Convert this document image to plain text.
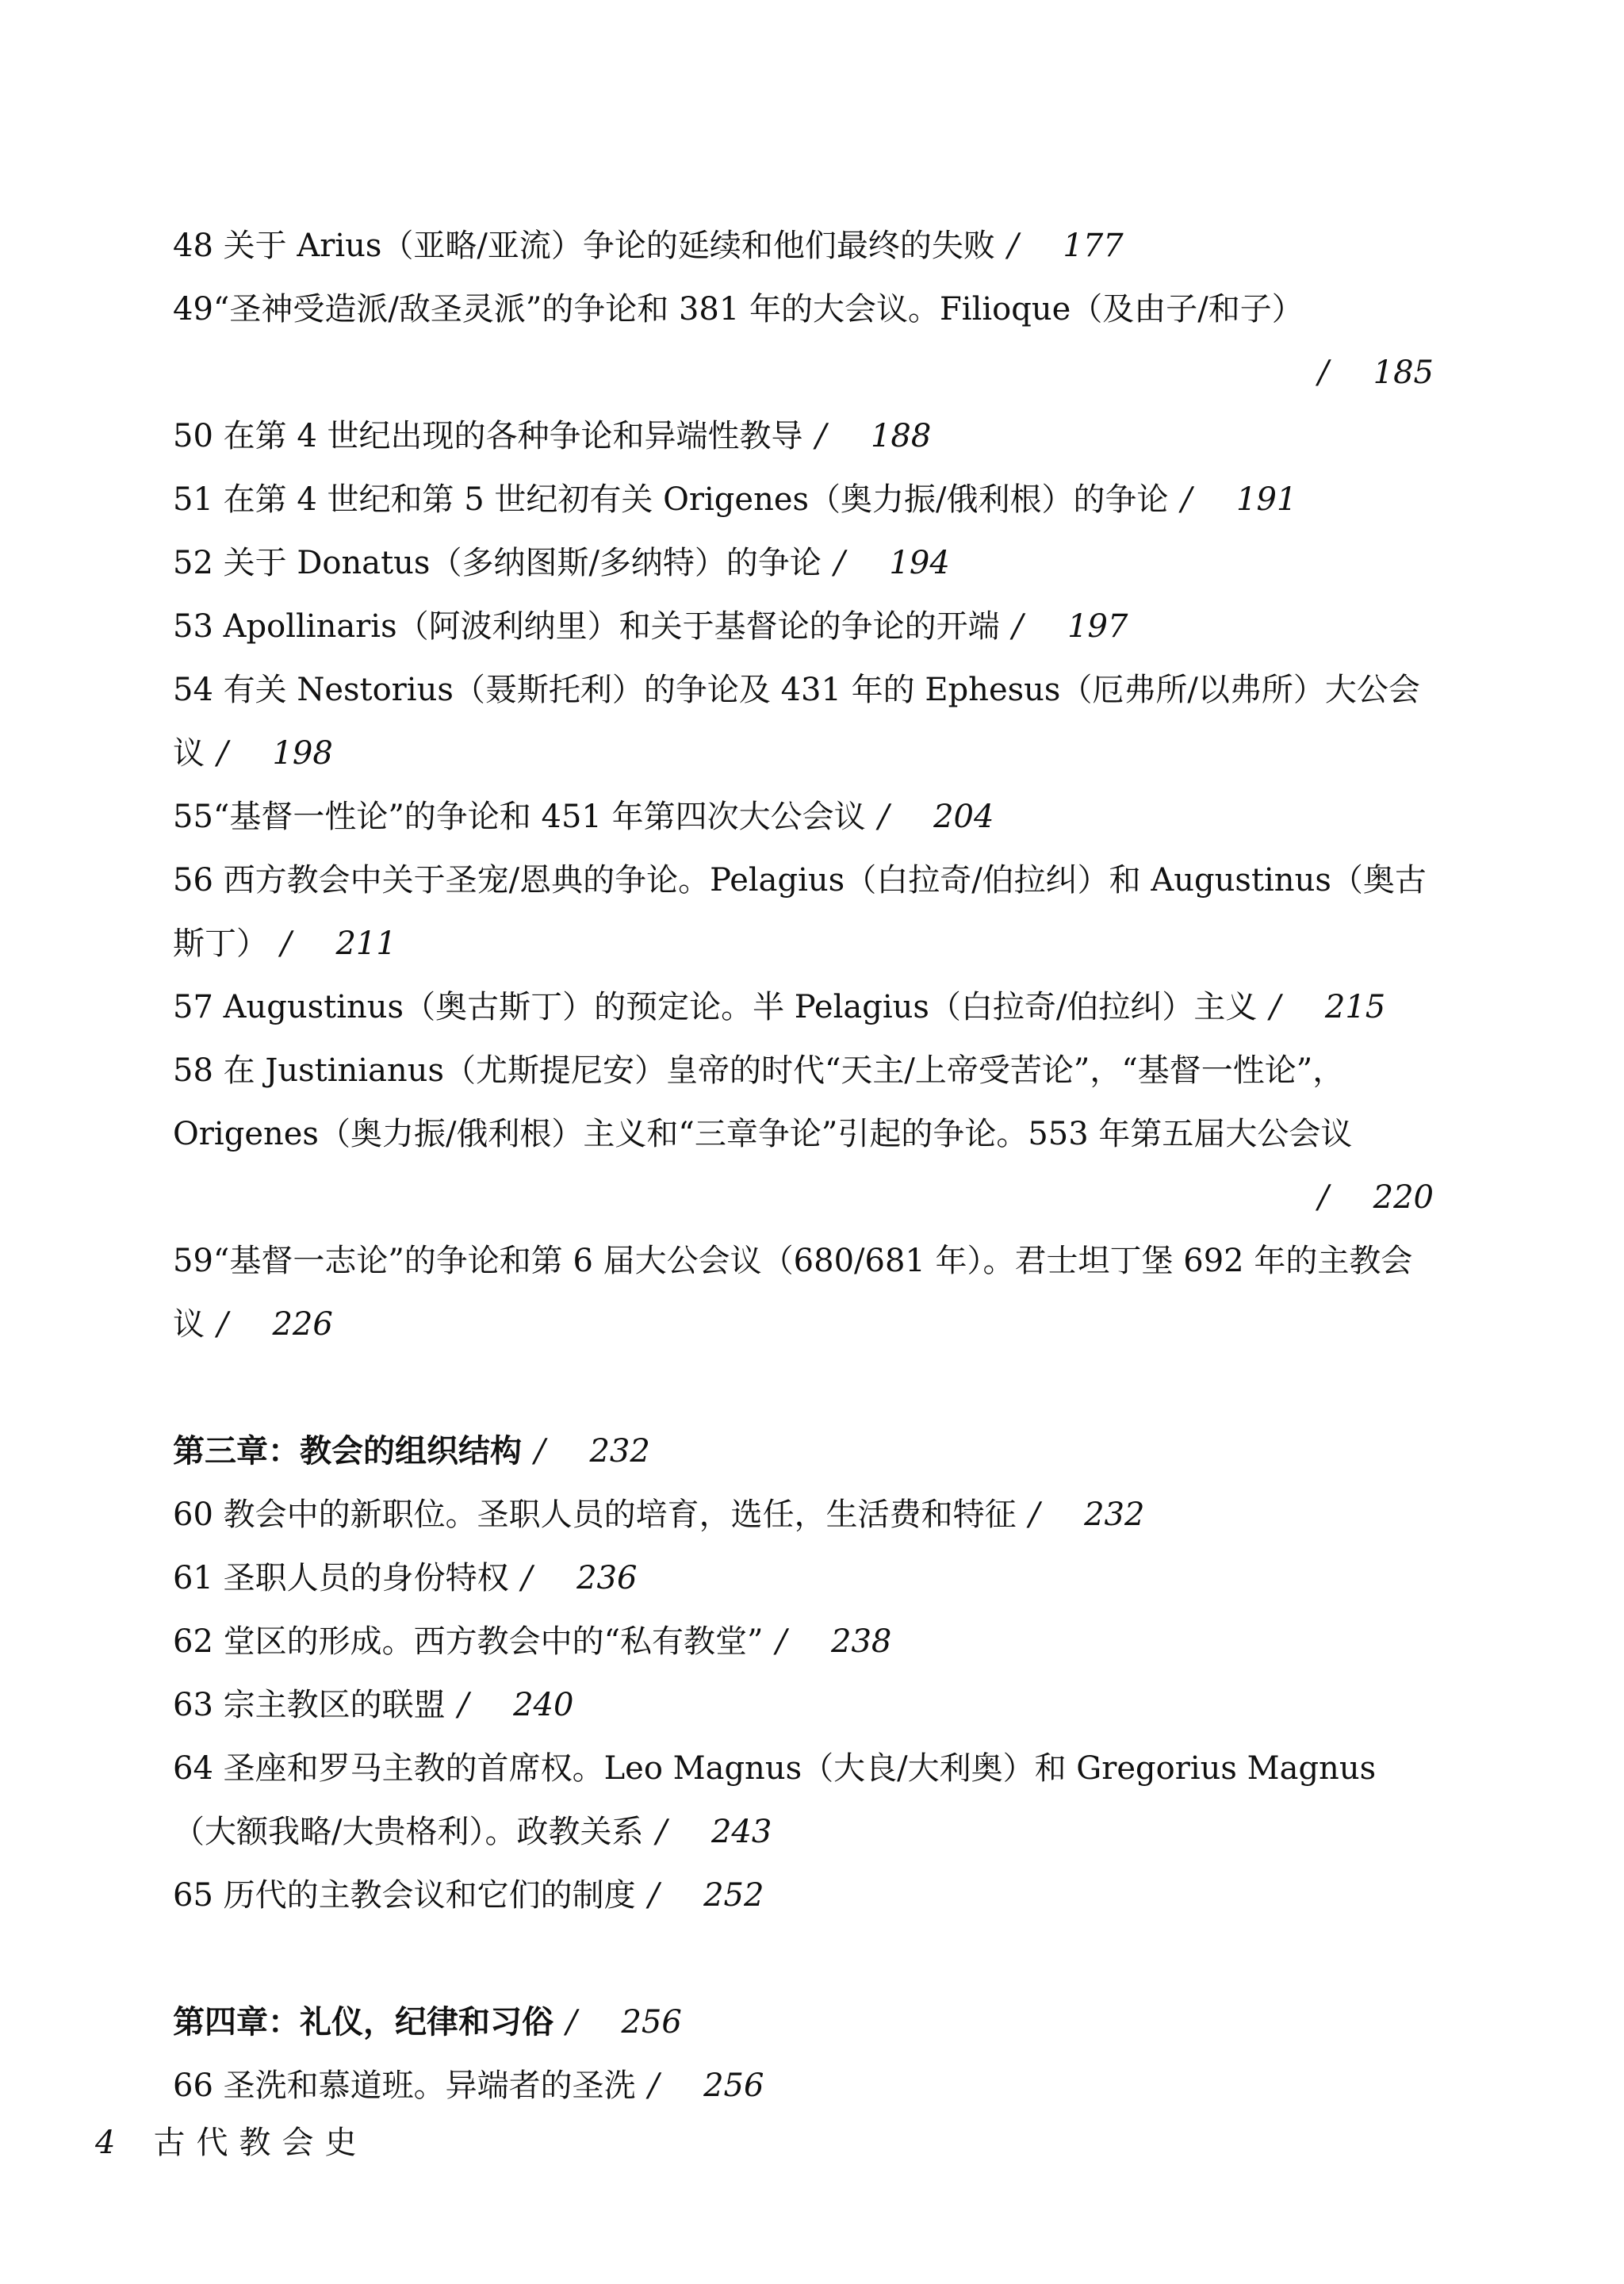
48 关于 Arius（亚略/亚流）争论的延续和他们最终的失败 / 177
49“圣神受造派/敌圣灵派”的争论和 381 年的大会议。Filioque（及由子/和子）
/ 185
50 在第 4 世纪出现的各种争论和异端性教导 / 188
51 在第 4 世纪和第 5 世纪初有关 Origenes（奥力振/俄利根）的争论 / 191
52 关于 Donatus（多纳图斯/多纳特）的争论 / 194
53 Apollinaris（阿波利纳里）和关于基督论的争论的开端 / 197
54 有关 Nestorius（聂斯托利）的争论及 431 年的 Ephesus（厄弗所/以弗所）大公会议 / 198
55“基督一性论”的争论和 451 年第四次大公会议 / 204
56 西方教会中关于圣宠/恩典的争论。Pelagius（白拉奇/伯拉纠）和 Augustinus（奥古斯丁） / 211
57 Augustinus（奥古斯丁）的预定论。半 Pelagius（白拉奇/伯拉纠）主义 / 215
58 在 Justinianus（尤斯提尼安）皇帝的时代“天主/上帝受苦论”，“基督一性论”，Origenes（奥力振/俄利根）主义和“三章争论”引起的争论。553 年第五届大公会议
/ 220
59“基督一志论”的争论和第 6 届大公会议（680/681 年）。君士坦丁堡 692 年的主教会议 / 226
第三章：教会的组织结构 / 232
60 教会中的新职位。圣职人员的培育，选任，生活费和特征 / 232
61 圣职人员的身份特权 / 236
62 堂区的形成。西方教会中的“私有教堂” / 238
63 宗主教区的联盟 / 240
64 圣座和罗马主教的首席权。Leo Magnus（大良/大利奥）和 Gregorius Magnus（大额我略/大贵格利）。政教关系 / 243
65 历代的主教会议和它们的制度 / 252
第四章：礼仪，纪律和习俗 / 256
66 圣洗和慕道班。异端者的圣洗 / 256
4 古代教会史
